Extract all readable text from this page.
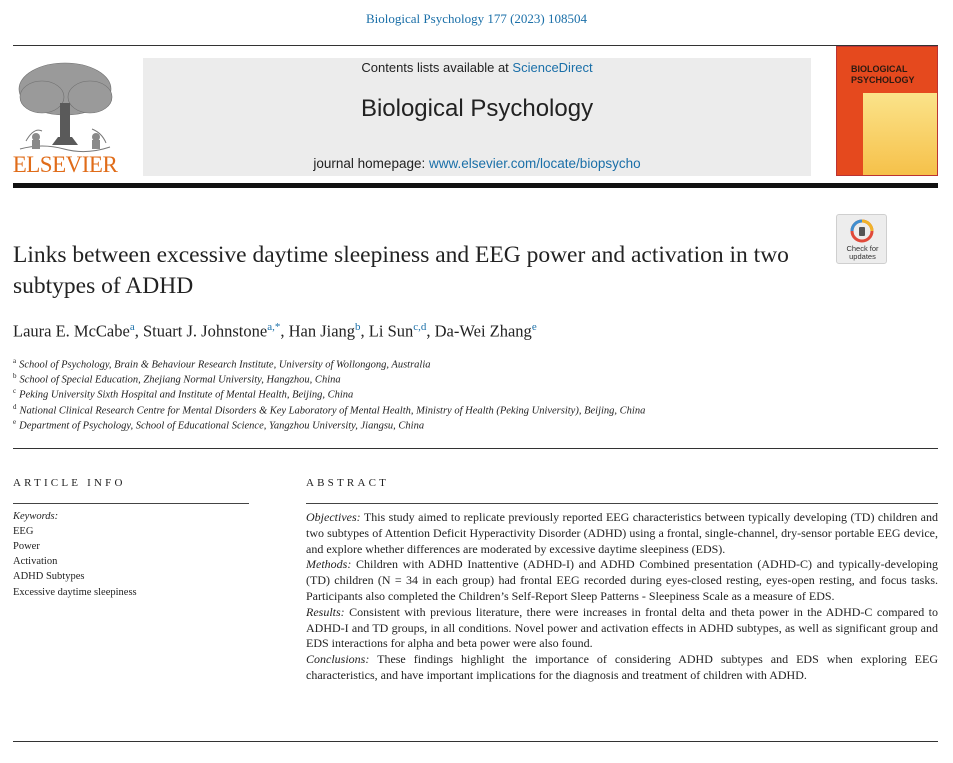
Biological Psychology 177 (2023) 108504
ELSEVIER
Contents lists available at ScienceDirect
Biological Psychology
journal homepage: www.elsevier.com/locate/biopsycho
BIOLOGICAL
PSYCHOLOGY
Check for
updates
Links between excessive daytime sleepiness and EEG power and activation in two subtypes of ADHD
Laura E. McCabe$^a$, Stuart J. Johnstone$^{a,*}$, Han Jiang$^b$, Li Sun$^{c,d}$, Da-Wei Zhang$^e$
$^a$ School of Psychology, Brain & Behaviour Research Institute, University of Wollongong, Australia
$^b$ School of Special Education, Zhejiang Normal University, Hangzhou, China
$^c$ Peking University Sixth Hospital and Institute of Mental Health, Beijing, China
$^d$ National Clinical Research Centre for Mental Disorders & Key Laboratory of Mental Health, Ministry of Health (Peking University), Beijing, China
$^e$ Department of Psychology, School of Educational Science, Yangzhou University, Jiangsu, China
ARTICLE INFO
Keywords:
EEG
Power
Activation
ADHD Subtypes
Excessive daytime sleepiness
ABSTRACT

Objectives: This study aimed to replicate previously reported EEG characteristics between typically developing (TD) children and two subtypes of Attention Deficit Hyperactivity Disorder (ADHD) using a frontal, single-channel, dry-sensor portable EEG device, and explore whether differences are moderated by excessive daytime sleepiness (EDS).

Methods: Children with ADHD Inattentive (ADHD-I) and ADHD Combined presentation (ADHD-C) and typically-developing (TD) children (N = 34 in each group) had frontal EEG recorded during eyes-closed resting, eyes-open resting, and focus tasks. Participants also completed the Children’s Self-Report Sleep Patterns - Sleepiness Scale as a measure of EDS.

Results: Consistent with previous literature, there were increases in frontal delta and theta power in the ADHD-C compared to ADHD-I and TD groups, in all conditions. Novel power and activation effects in ADHD subtypes, as well as significant group and EDS interactions for alpha and beta power were also found.

Conclusions: These findings highlight the importance of considering ADHD subtypes and EDS when exploring EEG characteristics, and have important implications for the diagnosis and treatment of children with ADHD.
